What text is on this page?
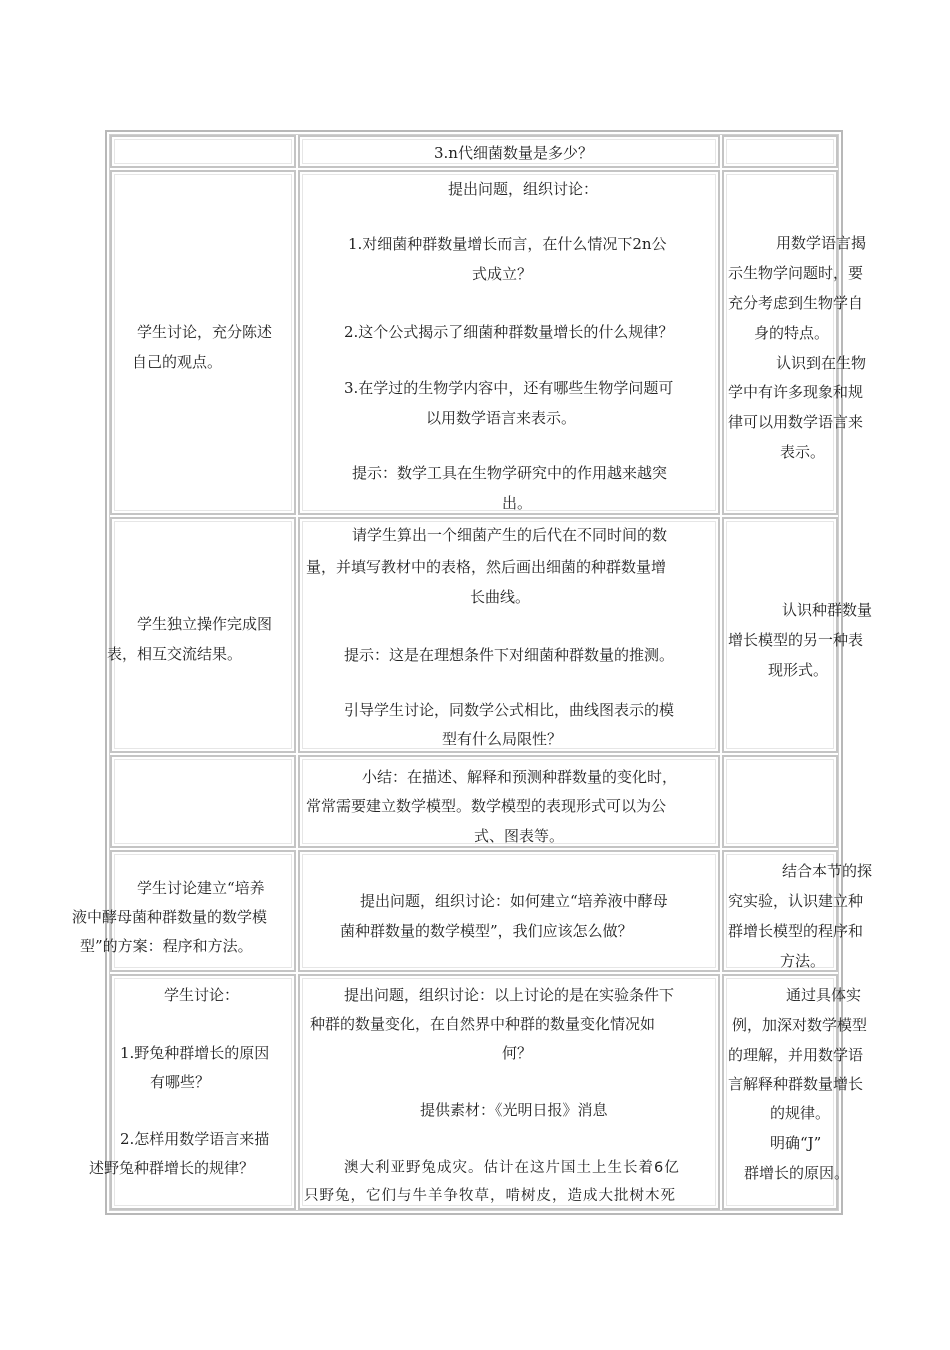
3.n代细菌数量是多少？
学生讨论，充分陈述
自己的观点。
提出问题，组织讨论：
1.对细菌种群数量增长而言，在什么情况下2n公
式成立？
2.这个公式揭示了细菌种群数量增长的什么规律？
3.在学过的生物学内容中，还有哪些生物学问题可
以用数学语言来表示。
提示：数学工具在生物学研究中的作用越来越突
出。
用数学语言揭
示生物学问题时，要
充分考虑到生物学自
身的特点。
认识到在生物
学中有许多现象和规
律可以用数学语言来
表示。
学生独立操作完成图
表，相互交流结果。
请学生算出一个细菌产生的后代在不同时间的数
量，并填写教材中的表格，然后画出细菌的种群数量增
长曲线。
提示：这是在理想条件下对细菌种群数量的推测。
引导学生讨论，同数学公式相比，曲线图表示的模
型有什么局限性？
认识种群数量
增长模型的另一种表
现形式。
小结：在描述、解释和预测种群数量的变化时，
常常需要建立数学模型。数学模型的表现形式可以为公
式、图表等。
学生讨论建立“培养
液中酵母菌种群数量的数学模
型”的方案：程序和方法。
提出问题，组织讨论：如何建立“培养液中酵母
菌种群数量的数学模型”，我们应该怎么做？
结合本节的探
究实验，认识建立种
群增长模型的程序和
方法。
学生讨论：
1.野兔种群增长的原因
有哪些？
2.怎样用数学语言来描
述野兔种群增长的规律？
提出问题，组织讨论：以上讨论的是在实验条件下
种群的数量变化，在自然界中种群的数量变化情况如
何？
提供素材：《光明日报》消息
澳大利亚野兔成灾。估计在这片国土上生长着6亿
只野兔，它们与牛羊争牧草，啃树皮，造成大批树木死
通过具体实
例，加深对数学模型
的理解，并用数学语
言解释种群数量增长
的规律。
明确“J”
群增长的原因。
